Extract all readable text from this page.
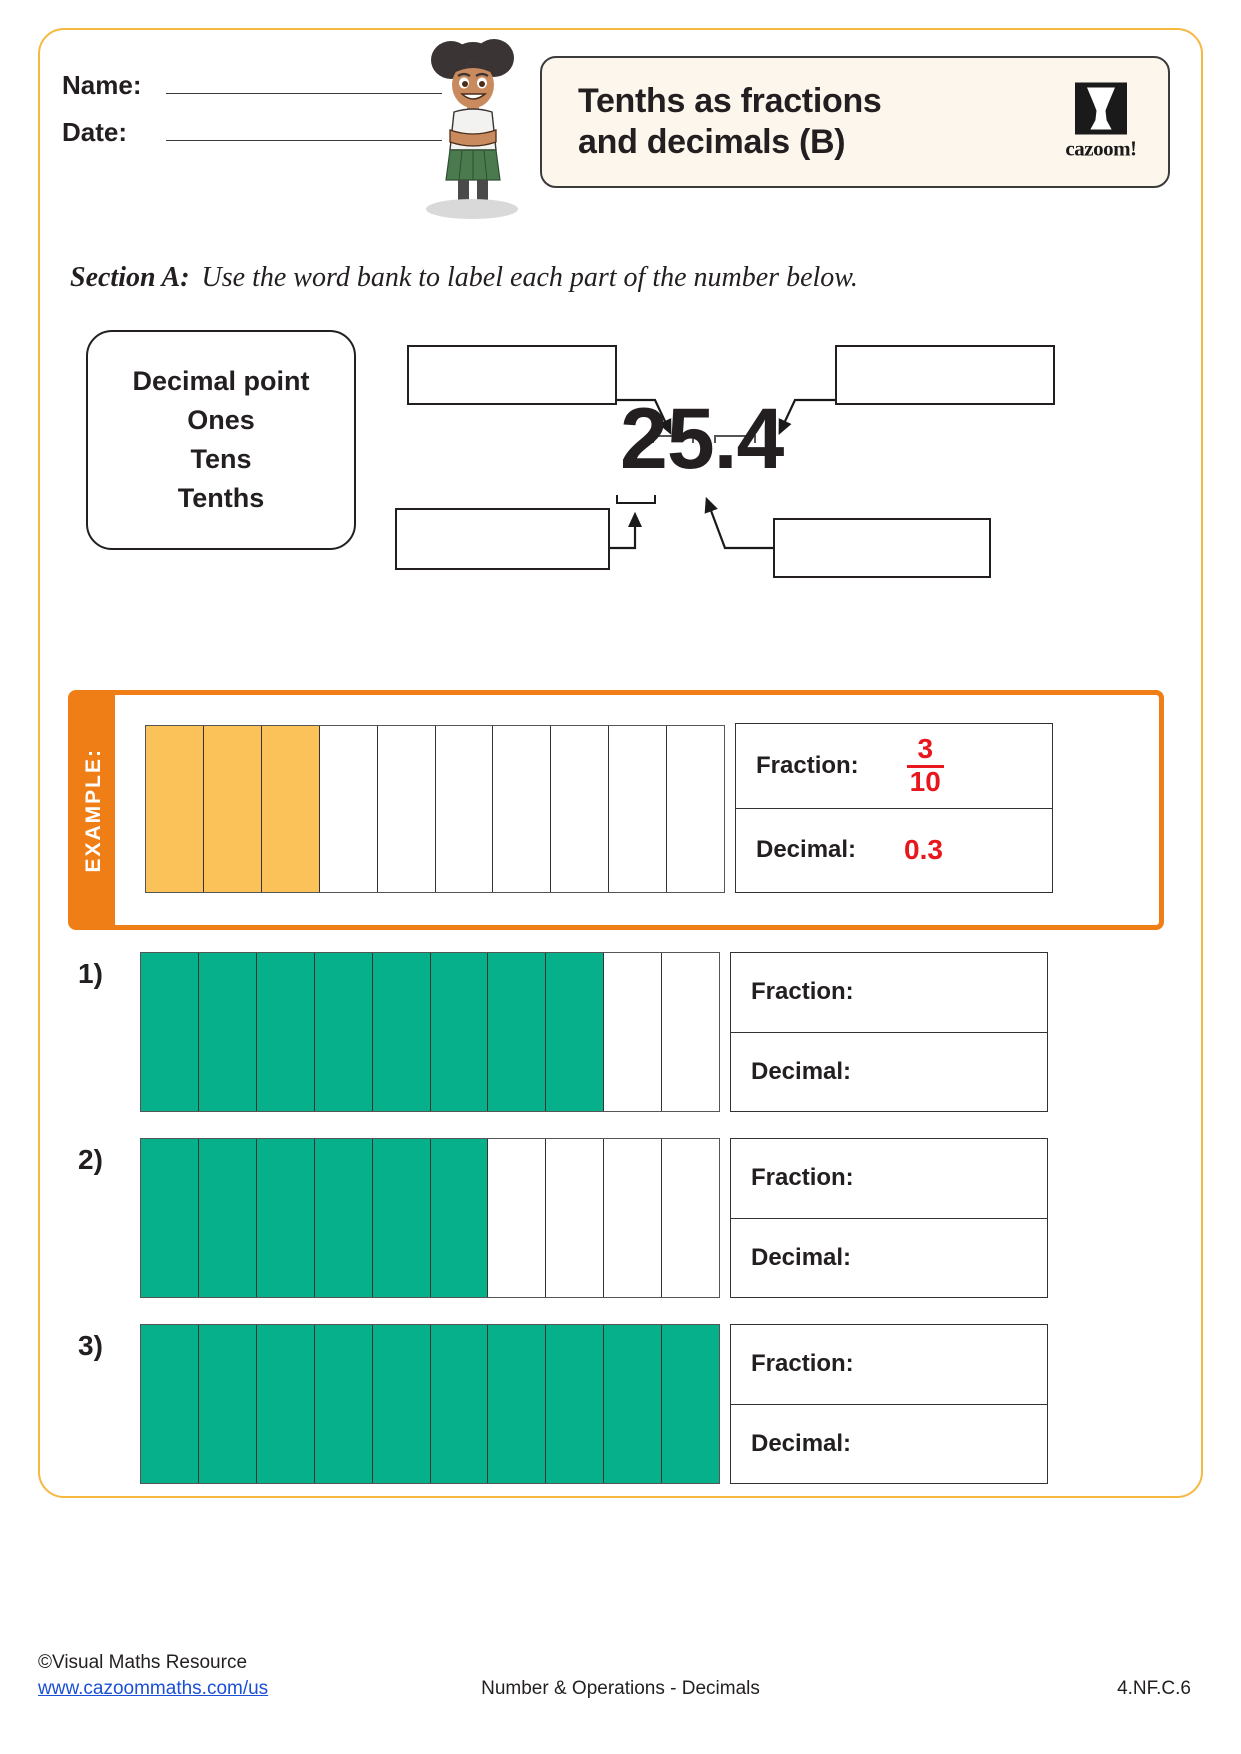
Name:
Date:
Tenths as fractions
and decimals (B)	cazoom!
Section A: Use the word bank to label each part of the number below.
Decimal point
Ones
Tens
Tenths
25.4
EXAMPLE:	Fraction: $\frac{3}{10}$
Decimal: 0.3
1)
Fraction:
Decimal:
2)
Fraction:
Decimal:
3)
Fraction:
Decimal:
©Visual Maths Resource
www.cazoommaths.com/us	Number & Operations - Decimals	4.NF.C.6
